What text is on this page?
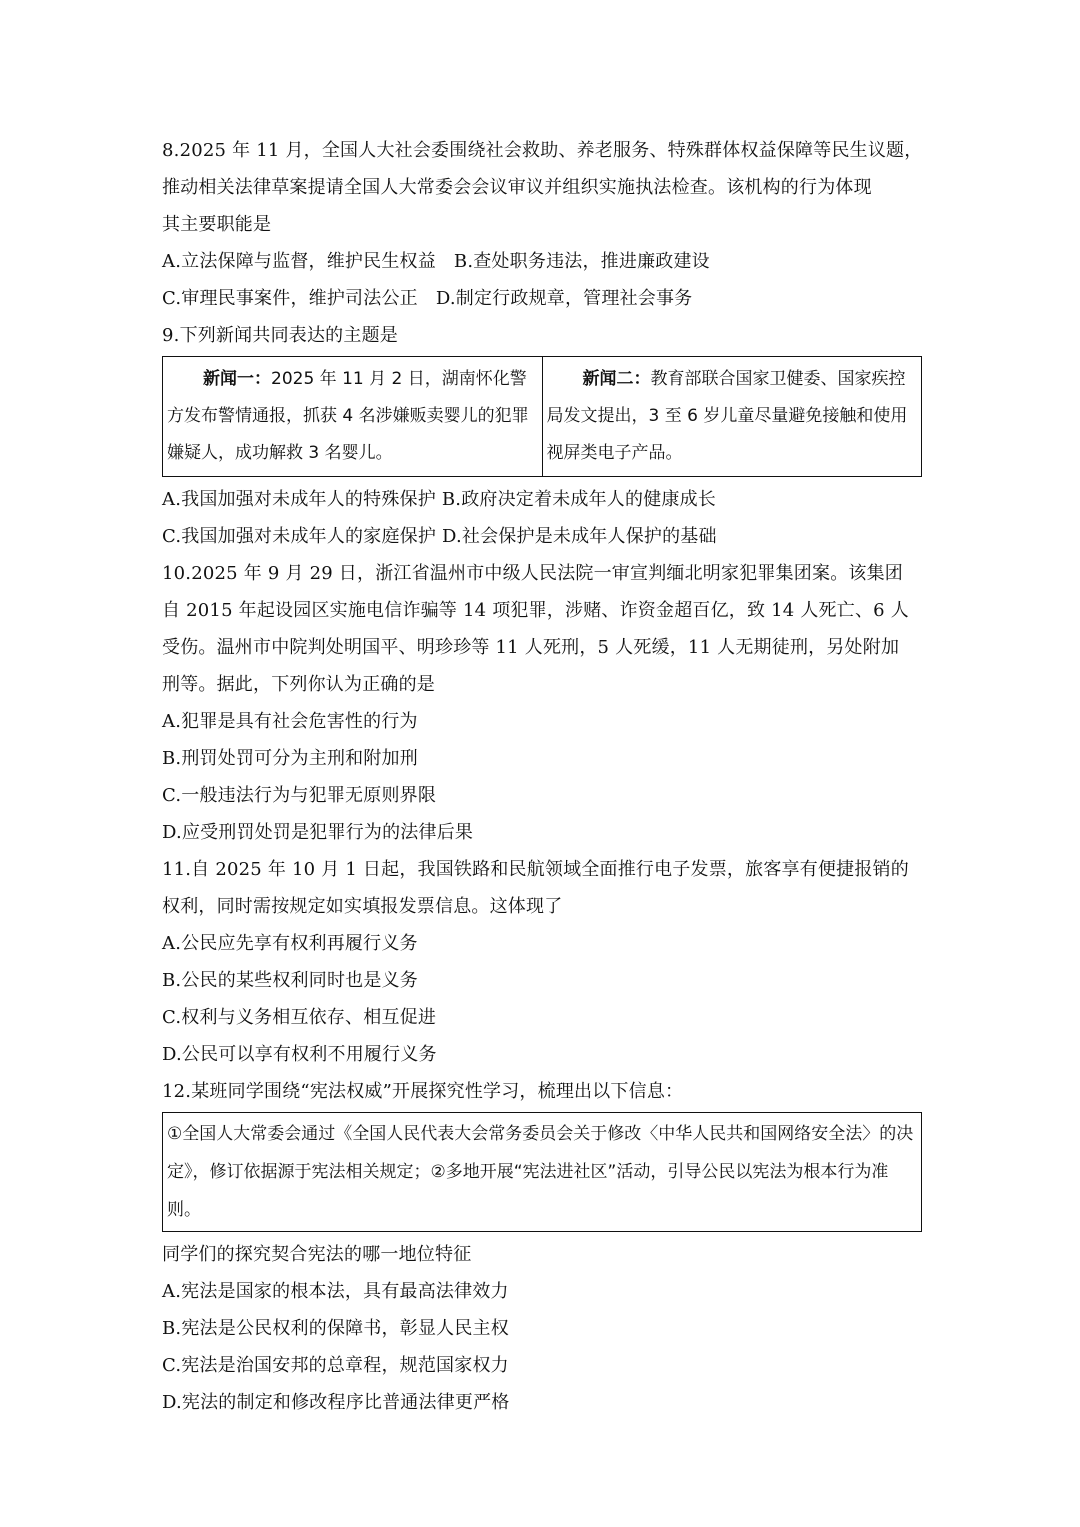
8.2025 年 11 月，全国人大社会委围绕社会救助、养老服务、特殊群体权益保障等民生议题，
推动相关法律草案提请全国人大常委会会议审议并组织实施执法检查。该机构的行为体现
其主要职能是
A.立法保障与监督，维护民生权益 B.查处职务违法，推进廉政建设
C.审理民事案件，维护司法公正 D.制定行政规章，管理社会事务
9.下列新闻共同表达的主题是
新闻一：2025 年 11 月 2 日，湖南怀化警方发布警情通报，抓获 4 名涉嫌贩卖婴儿的犯罪嫌疑人，成功解救 3 名婴儿。
新闻二：教育部联合国家卫健委、国家疾控局发文提出，3 至 6 岁儿童尽量避免接触和使用视屏类电子产品。
A.我国加强对未成年人的特殊保护 B.政府决定着未成年人的健康成长
C.我国加强对未成年人的家庭保护 D.社会保护是未成年人保护的基础
10.2025 年 9 月 29 日，浙江省温州市中级人民法院一审宣判缅北明家犯罪集团案。该集团
自 2015 年起设园区实施电信诈骗等 14 项犯罪，涉赌、诈资金超百亿，致 14 人死亡、6 人
受伤。温州市中院判处明国平、明珍珍等 11 人死刑，5 人死缓，11 人无期徒刑，另处附加
刑等。据此，下列你认为正确的是
A.犯罪是具有社会危害性的行为
B.刑罚处罚可分为主刑和附加刑
C.一般违法行为与犯罪无原则界限
D.应受刑罚处罚是犯罪行为的法律后果
11.自 2025 年 10 月 1 日起，我国铁路和民航领域全面推行电子发票，旅客享有便捷报销的
权利，同时需按规定如实填报发票信息。这体现了
A.公民应先享有权利再履行义务
B.公民的某些权利同时也是义务
C.权利与义务相互依存、相互促进
D.公民可以享有权利不用履行义务
12.某班同学围绕“宪法权威”开展探究性学习，梳理出以下信息：
①全国人大常委会通过《全国人民代表大会常务委员会关于修改〈中华人民共和国网络安全法〉的决定》，修订依据源于宪法相关规定；②多地开展“宪法进社区”活动，引导公民以宪法为根本行为准则。
同学们的探究契合宪法的哪一地位特征
A.宪法是国家的根本法，具有最高法律效力
B.宪法是公民权利的保障书，彰显人民主权
C.宪法是治国安邦的总章程，规范国家权力
D.宪法的制定和修改程序比普通法律更严格
